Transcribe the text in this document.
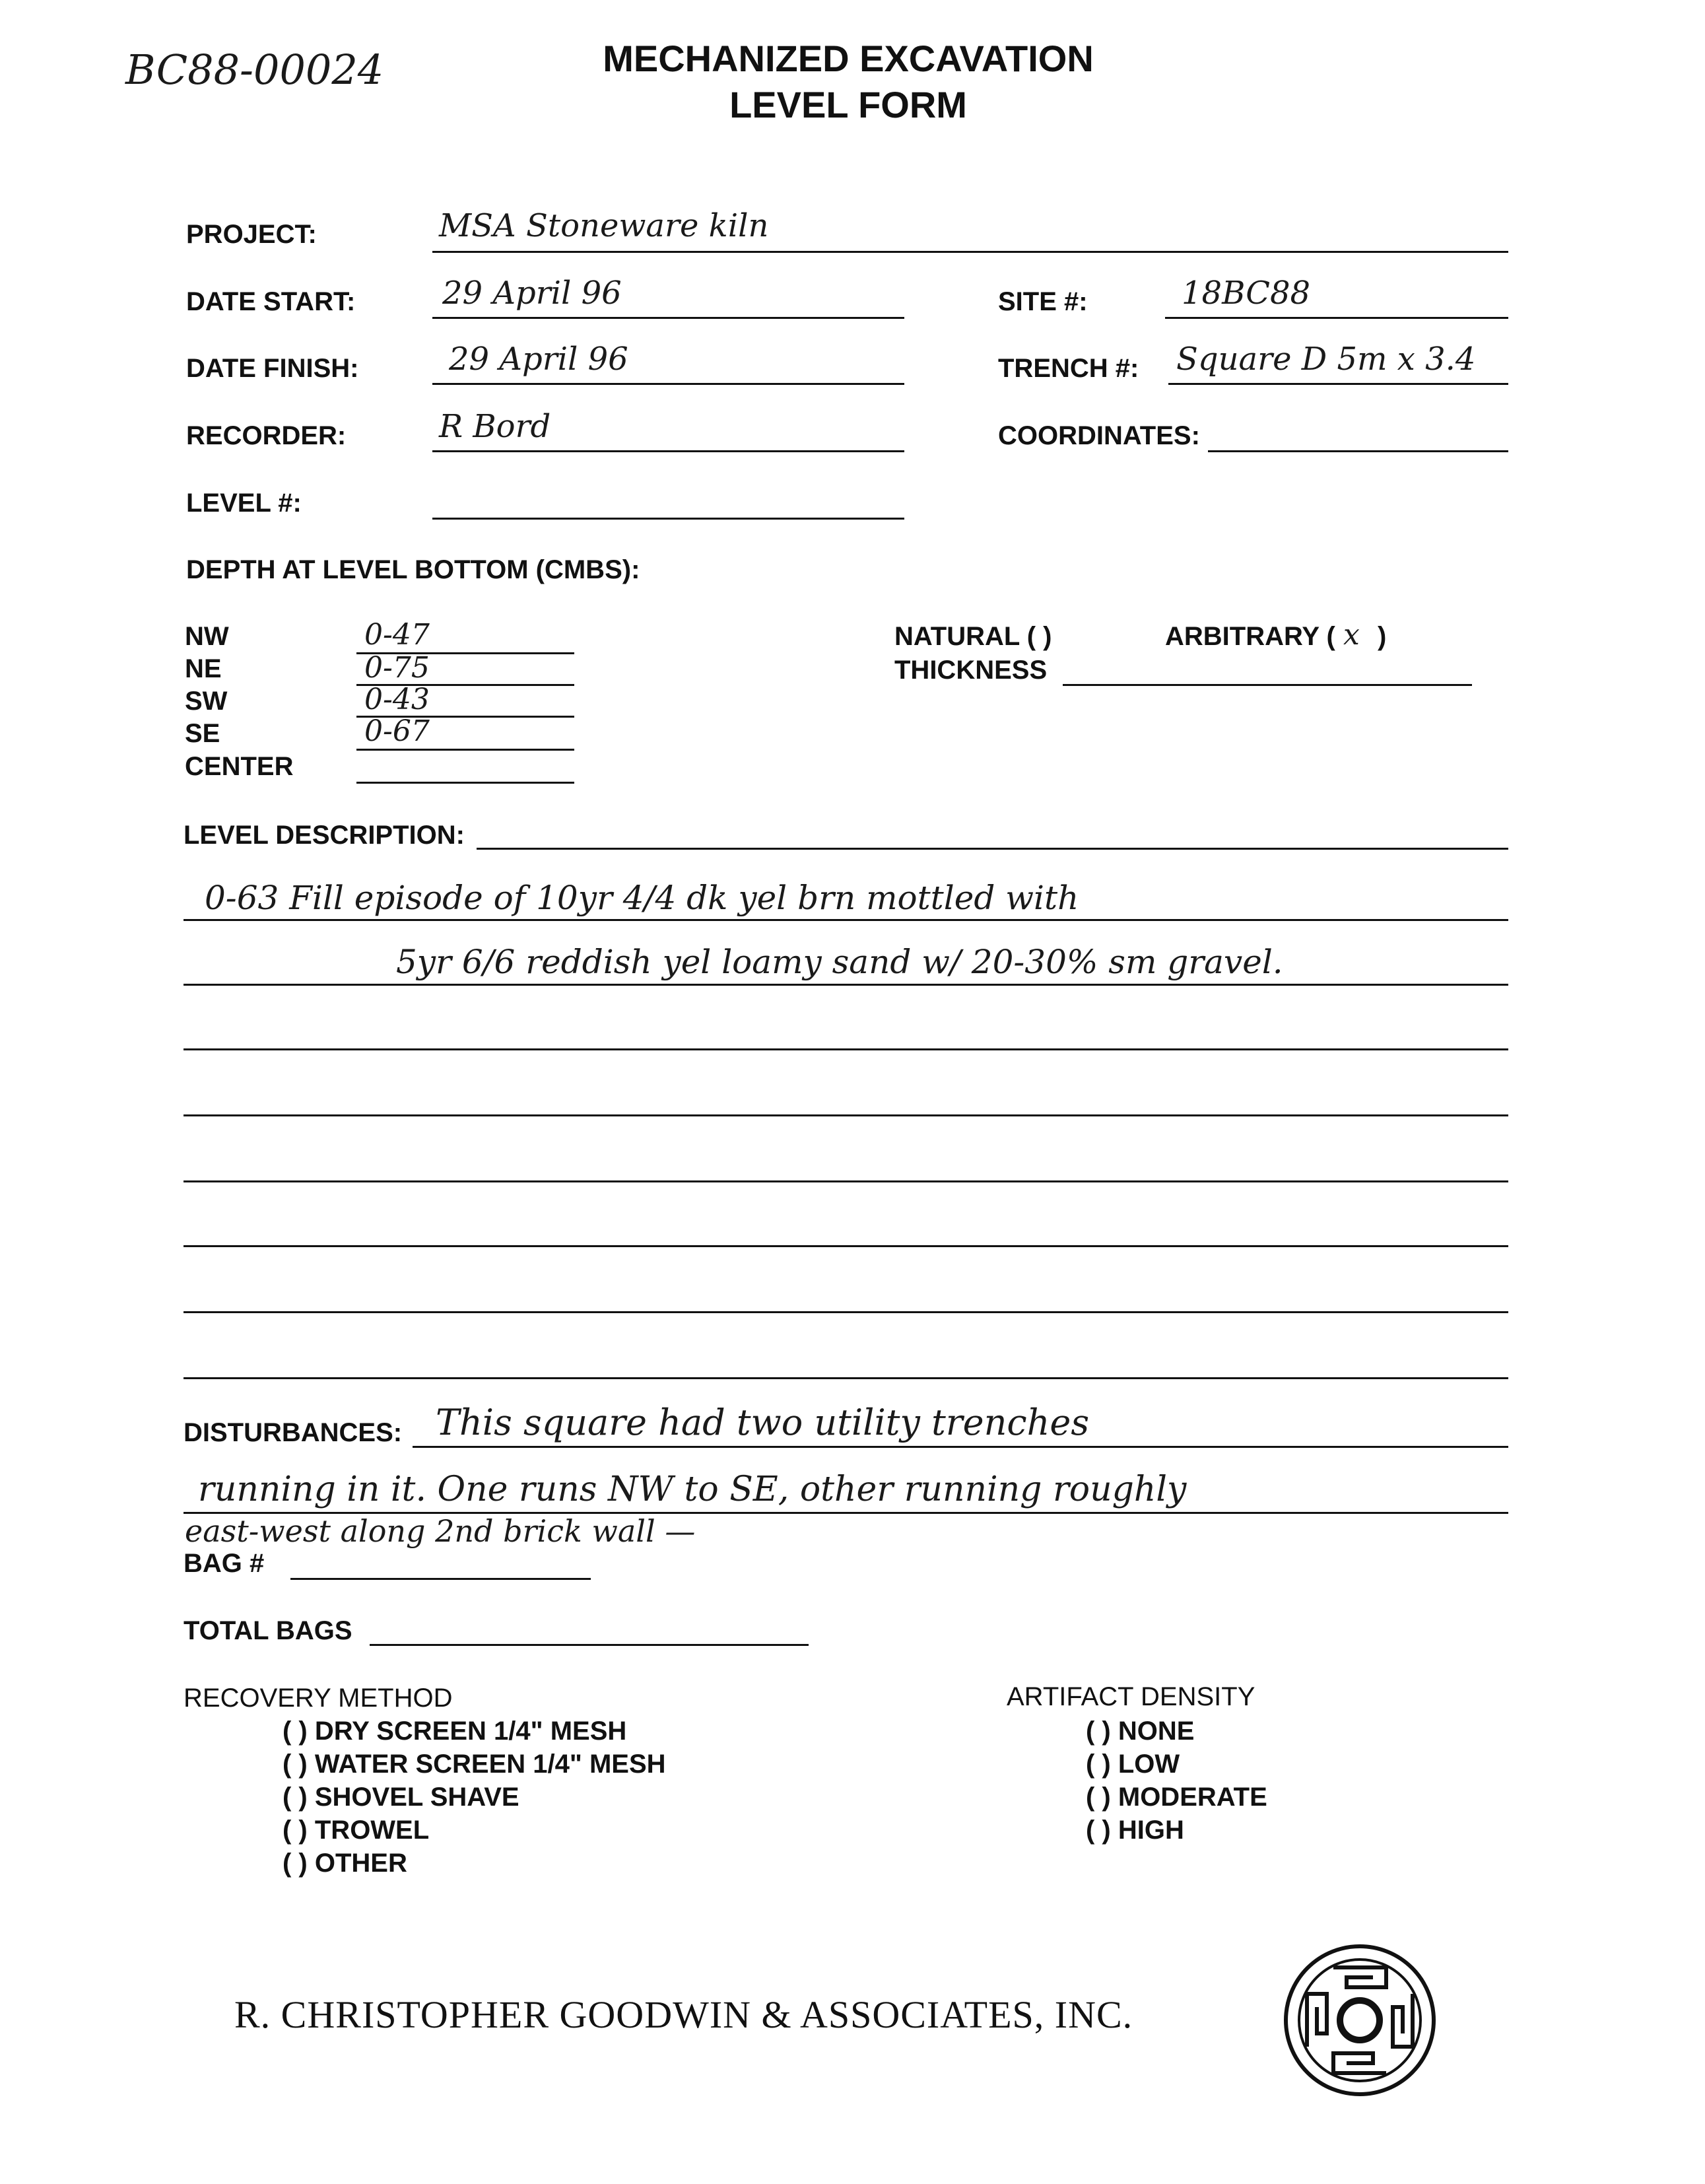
BC88-00024	MECHANIZED EXCAVATION
LEVEL FORM
PROJECT:	MSA Stoneware kiln
DATE START:	29 April 96	SITE #:	18BC88
DATE FINISH:	29 April 96	TRENCH #: Square D 5m x 3.4
RECORDER:	R Bord	COORDINATES:
LEVEL #:
DEPTH AT LEVEL BOTTOM (CMBS):
NW	0-47
NE	0-75
SW	0-43
SE	0-67
CENTER
NATURAL ( )	ARBITRARY ( x )
THICKNESS
LEVEL DESCRIPTION:
0-63 Fill episode of 10yr 4/4 dk yel brn mottled with
5yr 6/6 reddish yel loamy sand w/ 20-30% sm gravel.
DISTURBANCES: This square had two utility trenches
running in it. One runs NW to SE, other running roughly
east-west along 2nd brick wall —
BAG #
TOTAL BAGS
RECOVERY METHOD
( ) DRY SCREEN 1/4" MESH
( ) WATER SCREEN 1/4" MESH
( ) SHOVEL SHAVE
( ) TROWEL
( ) OTHER
ARTIFACT DENSITY
( ) NONE
( ) LOW
( ) MODERATE
( ) HIGH
R. CHRISTOPHER GOODWIN & ASSOCIATES, INC.
